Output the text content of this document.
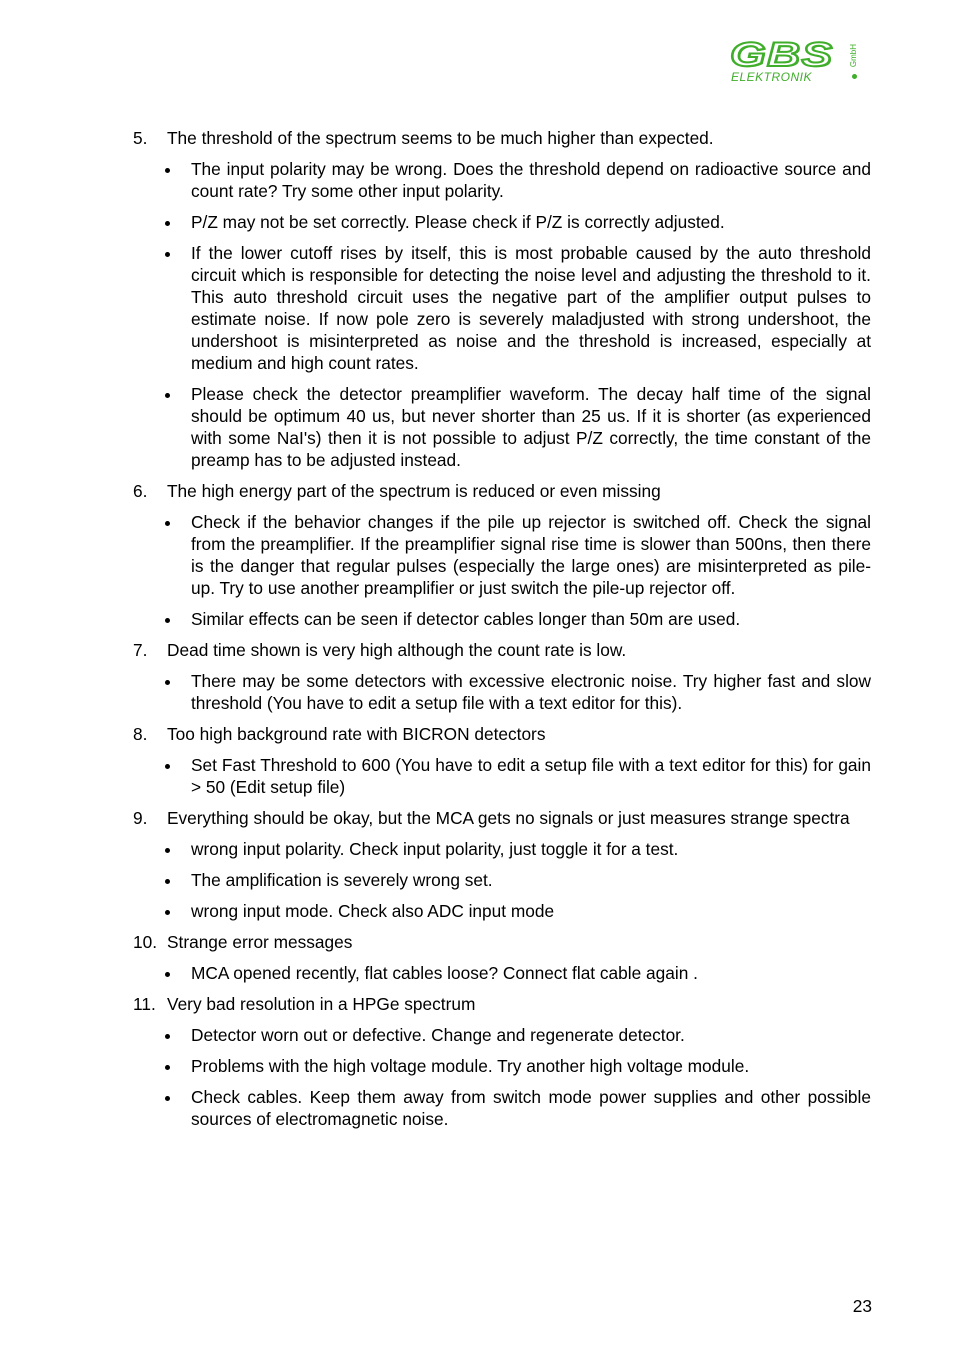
GBS
ELEKTRONIK
GmbH
5. The threshold of the spectrum seems to be much higher than expected.
The input polarity may be wrong. Does the threshold depend on radioactive source and count rate? Try some other input polarity.
P/Z may not be set correctly. Please check if P/Z is correctly adjusted.
If the lower cutoff rises by itself, this is most probable caused by the auto threshold circuit which is responsible for detecting the noise level and adjusting the threshold to it. This auto threshold circuit uses the negative part of the amplifier output pulses to estimate noise. If now pole zero is severely maladjusted with strong undershoot, the undershoot is misinterpreted as noise and the threshold is increased, especially at medium and high count rates.
Please check the detector preamplifier waveform. The decay half time of the signal should be optimum 40 us, but never shorter than 25 us. If it is shorter (as experienced with some NaI's) then it is not possible to adjust P/Z correctly, the time constant of the preamp has to be adjusted instead.
6. The high energy part of the spectrum is reduced or even missing
Check if the behavior changes if the pile up rejector is switched off. Check the signal from the preamplifier. If the preamplifier signal rise time is slower than 500ns, then there is the danger that regular pulses (especially the large ones) are misinterpreted as pile-up. Try to use another preamplifier or just switch the pile-up rejector off.
Similar effects can be seen if detector cables longer than 50m are used.
7. Dead time shown is very high although the count rate is low.
There may be some detectors with excessive electronic noise. Try higher fast and slow threshold (You have to edit a setup file with a text editor for this).
8. Too high background rate with BICRON detectors
Set Fast Threshold to 600 (You have to edit a setup file with a text editor for this) for gain > 50 (Edit setup file)
9. Everything should be okay, but the MCA gets no signals or just measures strange spectra
wrong input polarity. Check input polarity, just toggle it for a test.
The amplification is severely wrong set.
wrong input mode. Check also ADC input mode
10. Strange error messages
MCA opened recently, flat cables loose? Connect flat cable again .
11. Very bad resolution in a HPGe spectrum
Detector worn out or defective. Change and regenerate detector.
Problems with the high voltage module. Try another high voltage module.
Check cables. Keep them away from switch mode power supplies and other possible sources of electromagnetic noise.
23
